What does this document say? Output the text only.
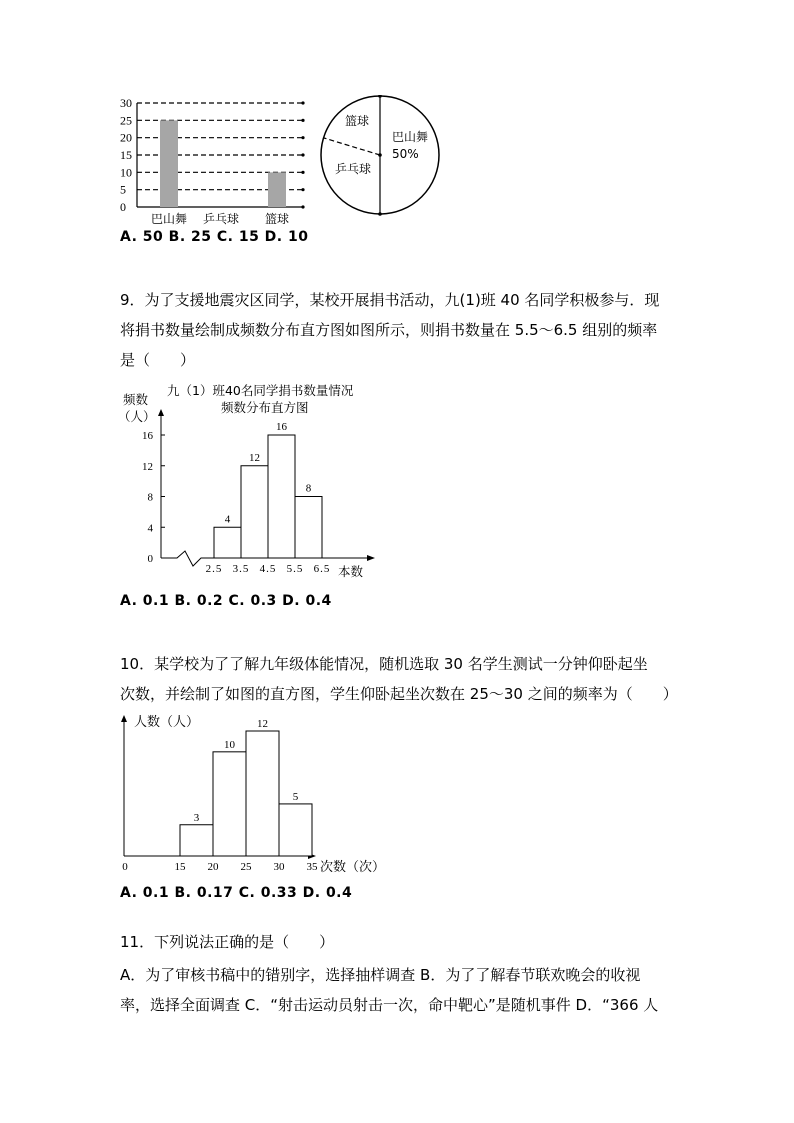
30
25
20
15
10
5
0
巴山舞 乒乓球 篮球
篮球
乒乓球
巴山舞
50%
A. 50 B. 25 C. 15 D. 10
9．为了支援地震灾区同学，某校开展捐书活动，九(1)班 40 名同学积极参与．现
将捐书数量绘制成频数分布直方图如图所示，则捐书数量在 5.5～6.5 组别的频率
是（　　）
九（1）班40名同学捐书数量情况
频数分布直方图
频数
（人）
本数
16
12
8
4
0
4
12
16
8
2.5 3.5 4.5 5.5 6.5
A. 0.1 B. 0.2 C. 0.3 D. 0.4
10．某学校为了了解九年级体能情况，随机选取 30 名学生测试一分钟仰卧起坐
次数，并绘制了如图的直方图，学生仰卧起坐次数在 25～30 之间的频率为（　　）
人数（人）
次数（次）
0
3
10
12
5
15 20 25 30 35
A. 0.1 B. 0.17 C. 0.33 D. 0.4
11．下列说法正确的是（　　）
A．为了审核书稿中的错别字，选择抽样调查 B．为了了解春节联欢晚会的收视
率，选择全面调查 C．“射击运动员射击一次，命中靶心”是随机事件 D．“366 人
